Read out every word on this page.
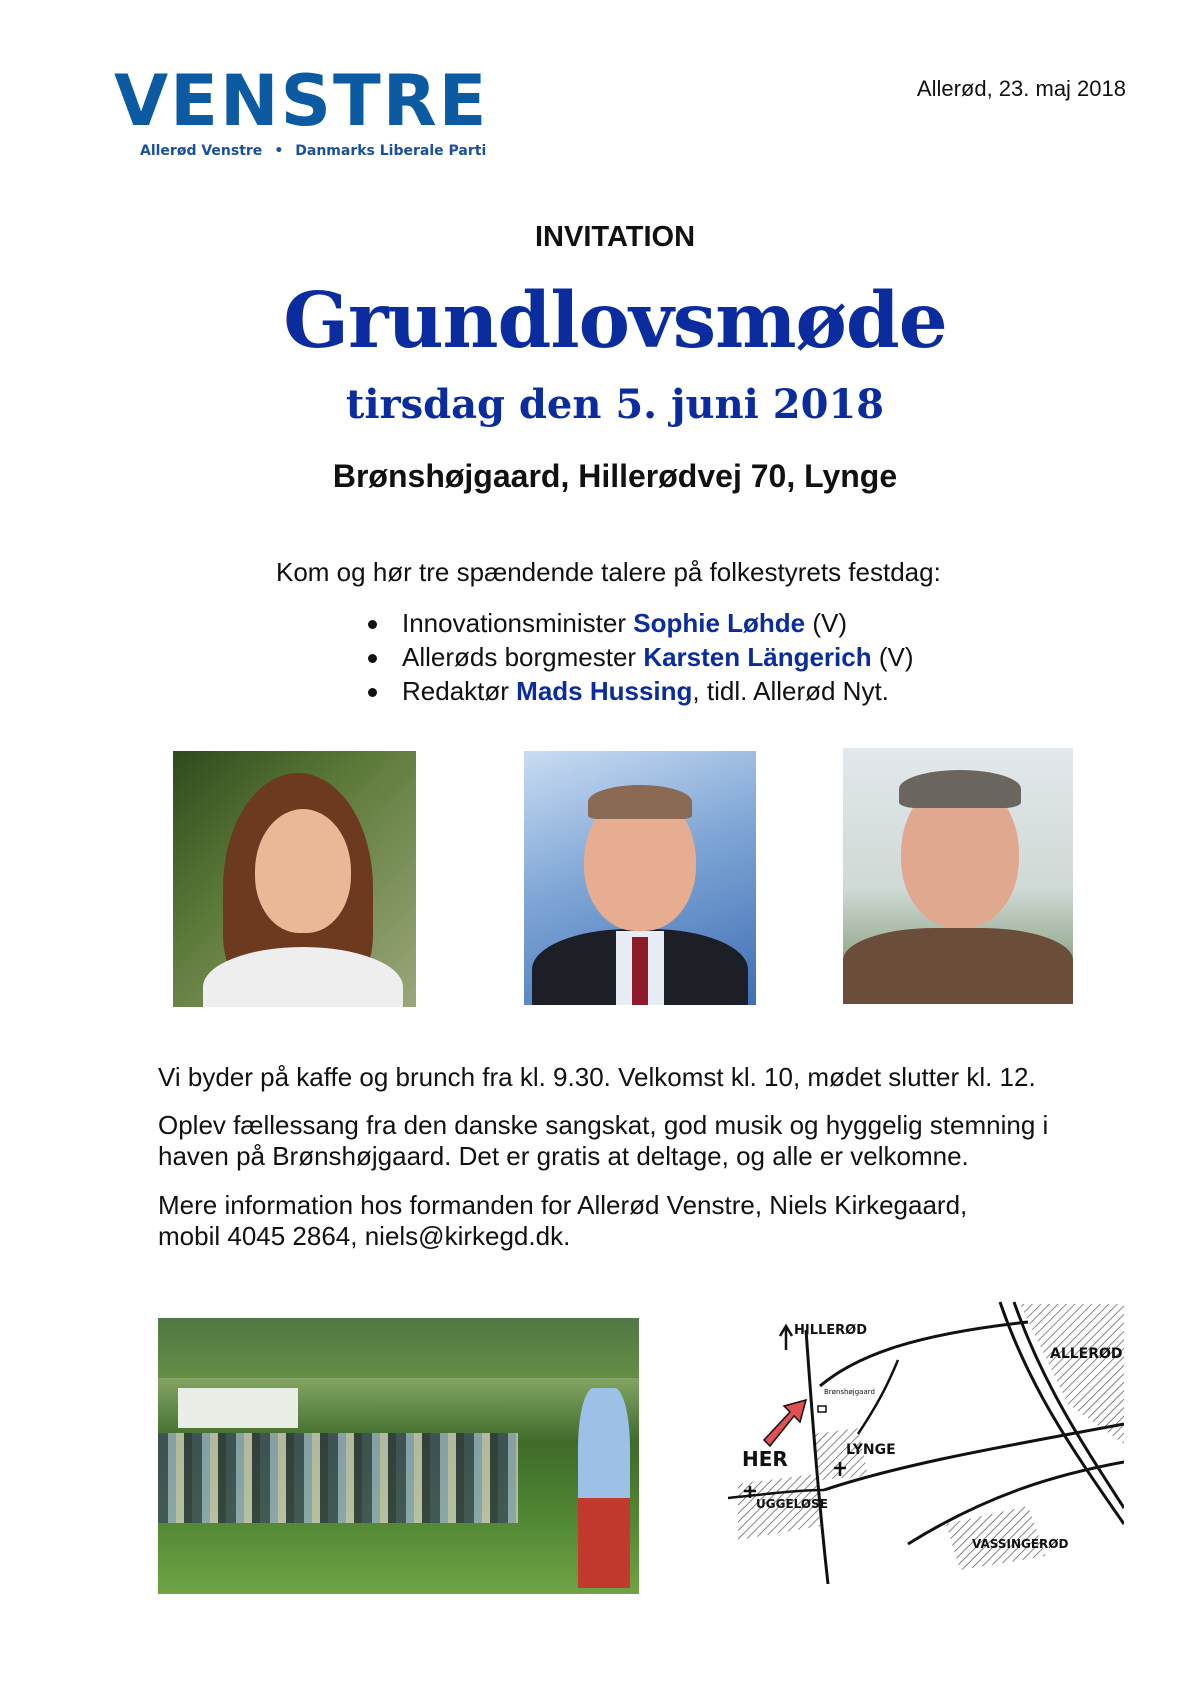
VENSTRE
Allerød Venstre • Danmarks Liberale Parti
Allerød, 23. maj 2018
INVITATION
Grundlovsmøde
tirsdag den 5. juni 2018
Brønshøjgaard, Hillerødvej 70, Lynge
Kom og hør tre spændende talere på folkestyrets festdag:
Innovationsminister Sophie Løhde (V)
Allerøds borgmester Karsten Längerich (V)
Redaktør Mads Hussing, tidl. Allerød Nyt.
Vi byder på kaffe og brunch fra kl. 9.30. Velkomst kl. 10, mødet slutter kl. 12.
Oplev fællessang fra den danske sangskat, god musik og hyggelig stemning i
haven på Brønshøjgaard. Det er gratis at deltage, og alle er velkomne.
Mere information hos formanden for Allerød Venstre, Niels Kirkegaard,
mobil 4045 2864, niels@kirkegd.dk.
HILLERØD
ALLERØD
Brønshøjgaard
HER	LYNGE
UGGELØSE
VASSINGERØD
